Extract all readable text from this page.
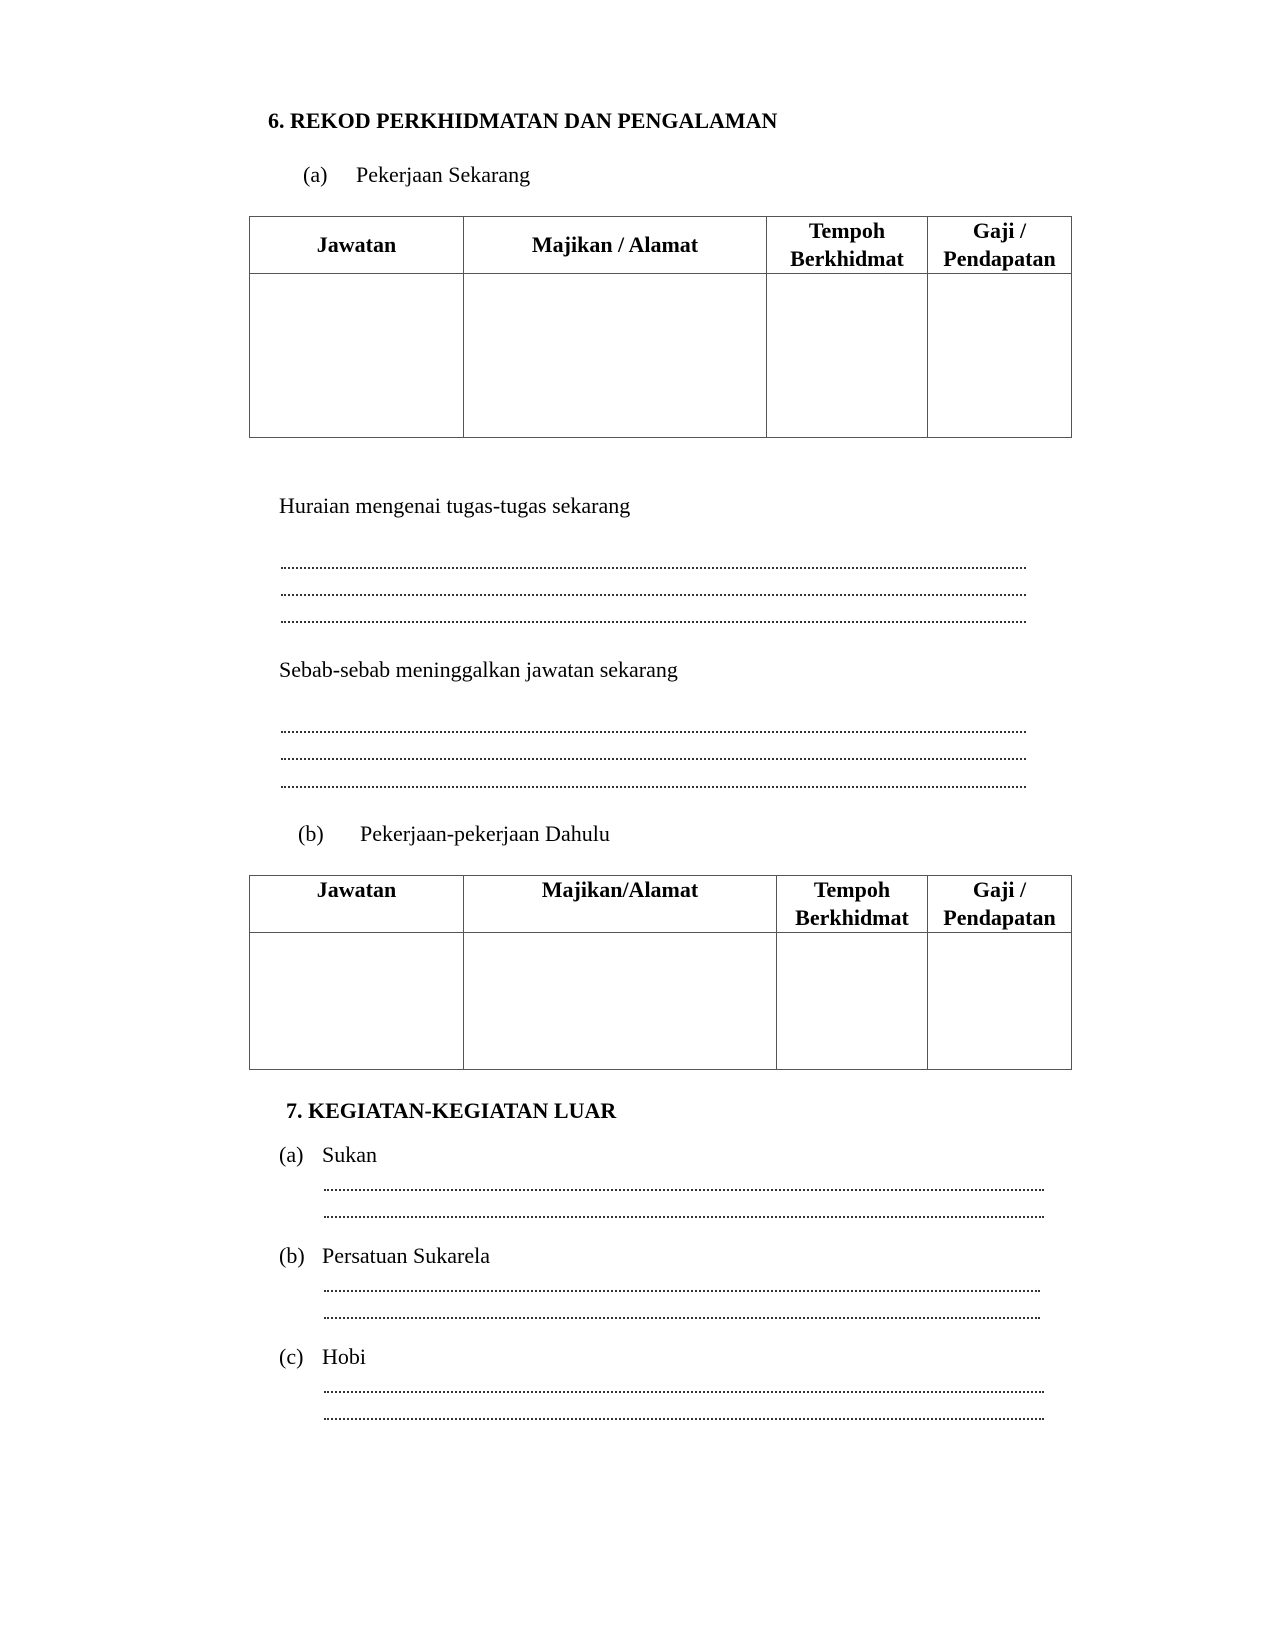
6. REKOD PERKHIDMATAN DAN PENGALAMAN
(a) Pekerjaan Sekarang
Jawatan	Majikan / Alamat	Tempoh Berkhidmat	Gaji / Pendapatan

Huraian mengenai tugas-tugas sekarang
Sebab-sebab meninggalkan jawatan sekarang
(b) Pekerjaan-pekerjaan Dahulu
Jawatan	Majikan/Alamat	Tempoh Berkhidmat	Gaji / Pendapatan

7. KEGIATAN-KEGIATAN LUAR
(a) Sukan
(b) Persatuan Sukarela
(c) Hobi
